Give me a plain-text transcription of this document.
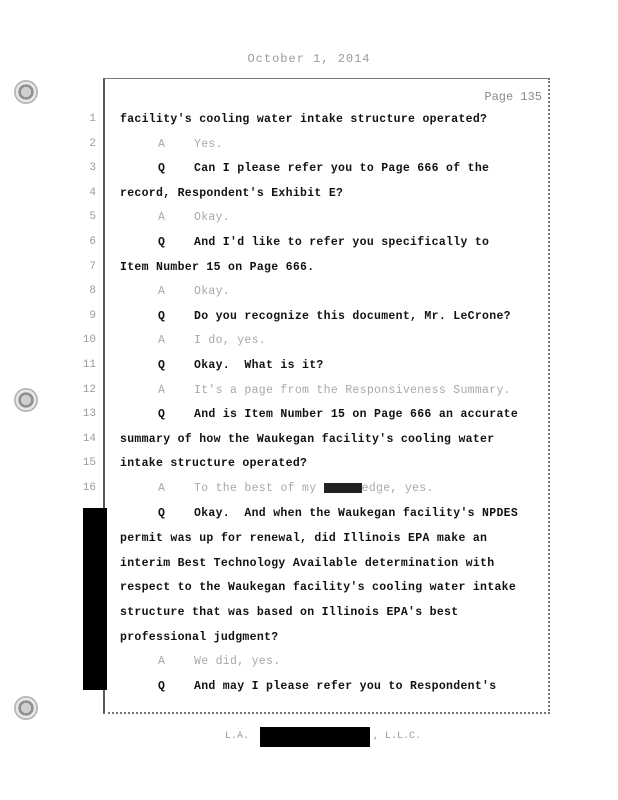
October 1, 2014
Page 135
1
2
3
4
5
6
7
8
9
10
11
12
13
14
15
16
facility's cooling water intake structure operated?
A	Yes.
Q	Can I please refer you to Page 666 of the
record, Respondent's Exhibit E?
A	Okay.
Q	And I'd like to refer you specifically to
Item Number 15 on Page 666.
A	Okay.
Q	Do you recognize this document, Mr. LeCrone?
A	I do, yes.
Q	Okay.  What is it?
A	It's a page from the Responsiveness Summary.
Q	And is Item Number 15 on Page 666 an accurate
summary of how the Waukegan facility's cooling water
intake structure operated?
A	To the best of my	edge, yes.
Q	Okay.  And when the Waukegan facility's NPDES
permit was up for renewal, did Illinois EPA make an
interim Best Technology Available determination with
respect to the Waukegan facility's cooling water intake
structure that was based on Illinois EPA's best
professional judgment?
A	We did, yes.
Q	And may I please refer you to Respondent's
L.A.	, L.L.C.
